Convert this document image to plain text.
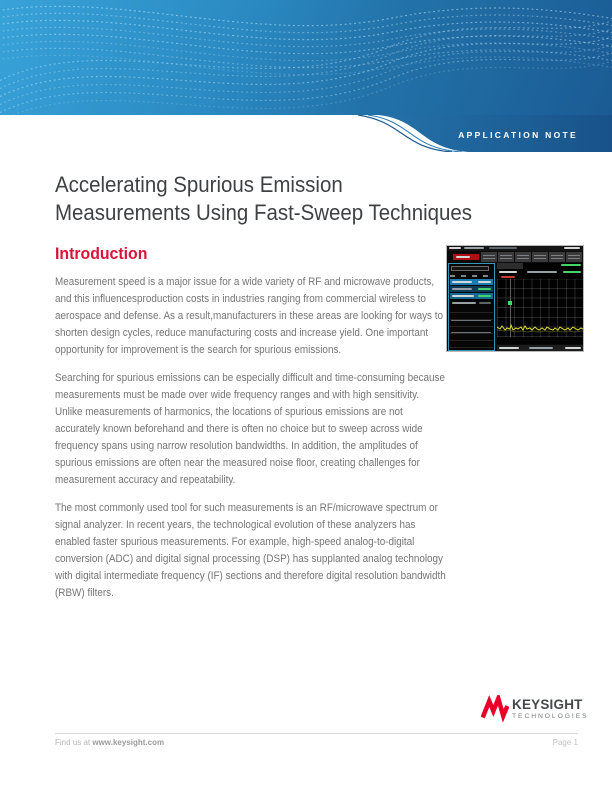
APPLICATION NOTE
Accelerating Spurious Emission
Measurements Using Fast-Sweep Techniques
Introduction

Measurement speed is a major issue for a wide variety of RF and microwave products, and this influencesproduction costs in industries ranging from commercial wireless to aerospace and defense. As a result,manufacturers in these areas are looking for ways to shorten design cycles, reduce manufacturing costs and increase yield. One important opportunity for improvement is the search for spurious emissions.

Searching for spurious emissions can be especially difficult and time-consuming because measurements must be made over wide frequency ranges and with high sensitivity. Unlike measurements of harmonics, the locations of spurious emissions are not accurately known beforehand and there is often no choice but to sweep across wide frequency spans using narrow resolution bandwidths. In addition, the amplitudes of spurious emissions are often near the measured noise floor, creating challenges for measurement accuracy and repeatability.

The most commonly used tool for such measurements is an RF/microwave spectrum or signal analyzer. In recent years, the technological evolution of these analyzers has enabled faster spurious measurements. For example, high-speed analog-to-digital conversion (ADC) and digital signal processing (DSP) has supplanted analog technology with digital intermediate frequency (IF) sections and therefore digital resolution bandwidth (RBW) filters.

KEYSIGHT
TECHNOLOGIES
Find us at www.keysight.com	Page 1
